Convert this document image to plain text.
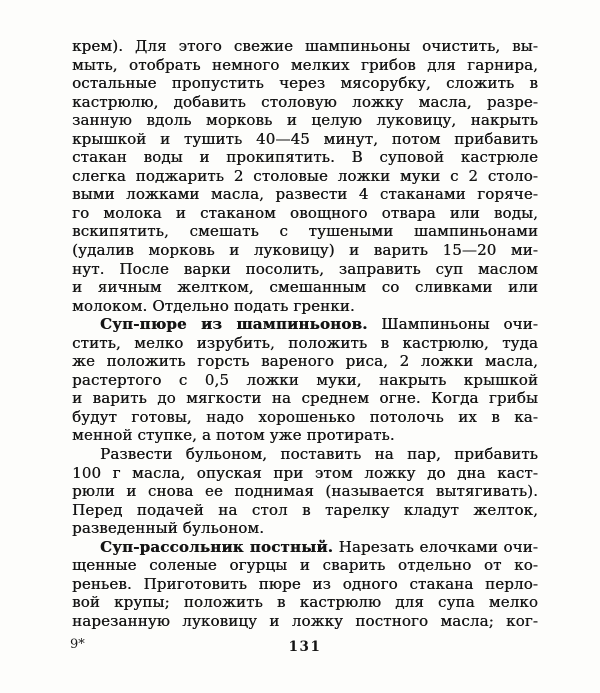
крем). Для этого свежие шампиньоны очистить, вы-
мыть, отобрать немного мелких грибов для гарнира,
остальные пропустить через мясорубку, сложить в
кастрюлю, добавить столовую ложку масла, разре-
занную вдоль морковь и целую луковицу, накрыть
крышкой и тушить 40—45 минут, потом прибавить
стакан воды и прокипятить. В суповой кастрюле
слегка поджарить 2 столовые ложки муки с 2 столо-
выми ложками масла, развести 4 стаканами горяче-
го молока и стаканом овощного отвара или воды,
вскипятить, смешать с тушеными шампиньонами
(удалив морковь и луковицу) и варить 15—20 ми-
нут. После варки посолить, заправить суп маслом
и яичным желтком, смешанным со сливками или
молоком. Отдельно подать гренки.
Суп-пюре из шампиньонов. Шампиньоны очи-
стить, мелко изрубить, положить в кастрюлю, туда
же положить горсть вареного риса, 2 ложки масла,
растертого с 0,5 ложки муки, накрыть крышкой
и варить до мягкости на среднем огне. Когда грибы
будут готовы, надо хорошенько потолочь их в ка-
менной ступке, а потом уже протирать.
Развести бульоном, поставить на пар, прибавить
100 г масла, опуская при этом ложку до дна каст-
рюли и снова ее поднимая (называется вытягивать).
Перед подачей на стол в тарелку кладут желток,
разведенный бульоном.
Суп-рассольник постный. Нарезать елочками очи-
щенные соленые огурцы и сварить отдельно от ко-
реньев. Приготовить пюре из одного стакана перло-
вой крупы; положить в кастрюлю для супа мелко
нарезанную луковицу и ложку постного масла; ког-
9*	131
